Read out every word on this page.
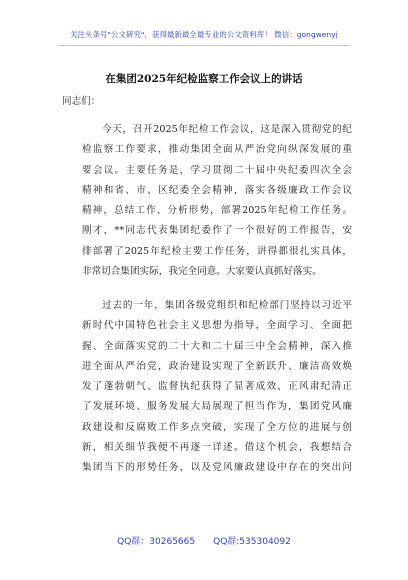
关注头条号"公文研究"，获得最新最全最专业的公文资料库！ 微信：gongwenyj
在集团2025年纪检监察工作会议上的讲话

同志们：

今天，召开2025年纪检工作会议，这是深入贯彻党的纪
检监察工作要求，推动集团全面从严治党向纵深发展的重
要会议。主要任务是，学习贯彻二十届中央纪委四次全会
精神和省、市、区纪委全会精神，落实各级廉政工作会议
精神，总结工作、分析形势，部署2025年纪检工作任务。
刚才，**同志代表集团纪委作了一个很好的工作报告，安
排部署了2025年纪检主要工作任务，讲得都很扎实具体，
非常切合集团实际，我完全同意。大家要认真抓好落实。
过去的一年，集团各级党组织和纪检部门坚持以习近平
新时代中国特色社会主义思想为指导，全面学习、全面把
握、全面落实党的二十大和二十届三中全会精神，深入推
进全面从严治党，政治建设实现了全新跃升、廉洁高效焕
发了蓬勃朝气、监督执纪获得了显著成效、正风肃纪清正
了发展环境、服务发展大局展现了担当作为，集团党风廉
政建设和反腐败工作多点突破，实现了全方位的进展与创
新，相关细节我便不再逐一详述。借这个机会，我想结合
集团当下的形势任务，以及党风廉政建设中存在的突出问
QQ群：30265665 QQ群:535304092
